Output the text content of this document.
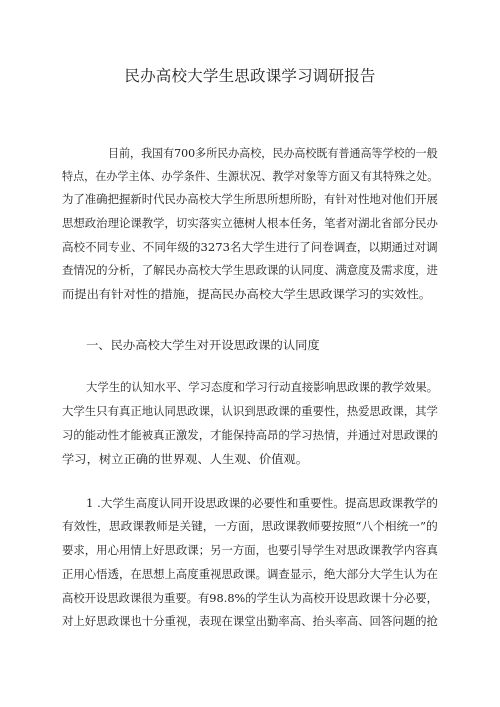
民办高校大学生思政课学习调研报告
目前，我国有700多所民办高校，民办高校既有普通高等学校的一般
特点，在办学主体、办学条件、生源状况、教学对象等方面又有其特殊之处。
为了准确把握新时代民办高校大学生所思所想所盼，有针对性地对他们开展
思想政治理论课教学，切实落实立德树人根本任务，笔者对湖北省部分民办
高校不同专业、不同年级的3273名大学生进行了问卷调查，以期通过对调
查情况的分析，了解民办高校大学生思政课的认同度、满意度及需求度，进
而提出有针对性的措施，提高民办高校大学生思政课学习的实效性。
一、民办高校大学生对开设思政课的认同度
大学生的认知水平、学习态度和学习行动直接影响思政课的教学效果。
大学生只有真正地认同思政课，认识到思政课的重要性，热爱思政课，其学
习的能动性才能被真正激发，才能保持高昂的学习热情，并通过对思政课的
学习，树立正确的世界观、人生观、价值观。
1 .大学生高度认同开设思政课的必要性和重要性。提高思政课教学的
有效性，思政课教师是关键，一方面，思政课教师要按照“八个相统一”的
要求，用心用情上好思政课；另一方面，也要引导学生对思政课教学内容真
正用心悟透，在思想上高度重视思政课。调查显示，绝大部分大学生认为在
高校开设思政课很为重要。有98.8%的学生认为高校开设思政课十分必要，
对上好思政课也十分重视，表现在课堂出勤率高、抬头率高、回答问题的抢
